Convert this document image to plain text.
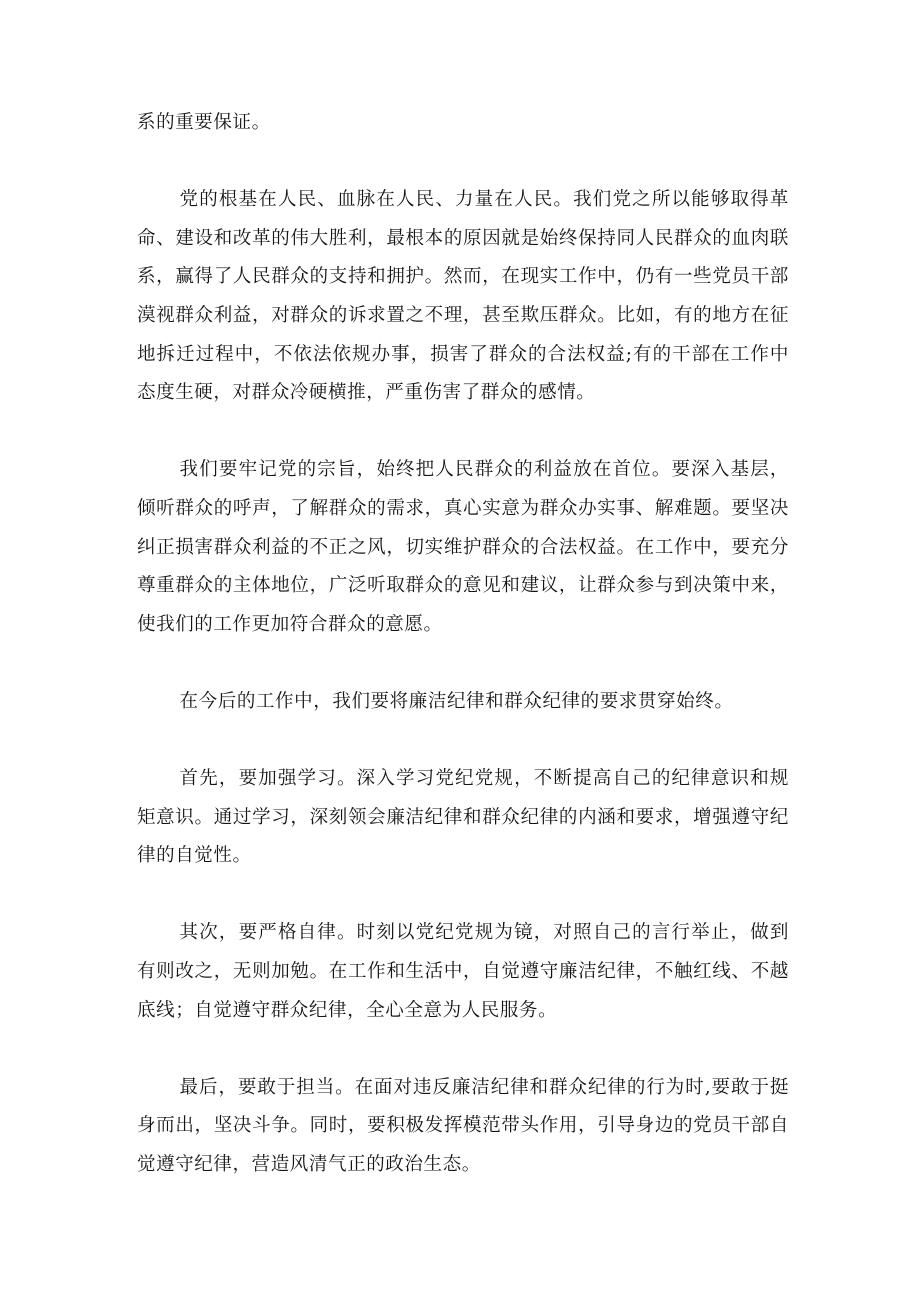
系的重要保证。

党的根基在人民、血脉在人民、力量在人民。我们党之所以能够取得革命、建设和改革的伟大胜利，最根本的原因就是始终保持同人民群众的血肉联系，赢得了人民群众的支持和拥护。然而，在现实工作中，仍有一些党员干部漠视群众利益，对群众的诉求置之不理，甚至欺压群众。比如，有的地方在征地拆迁过程中，不依法依规办事，损害了群众的合法权益;有的干部在工作中态度生硬，对群众冷硬横推，严重伤害了群众的感情。

我们要牢记党的宗旨，始终把人民群众的利益放在首位。要深入基层，倾听群众的呼声，了解群众的需求，真心实意为群众办实事、解难题。要坚决纠正损害群众利益的不正之风，切实维护群众的合法权益。在工作中，要充分尊重群众的主体地位，广泛听取群众的意见和建议，让群众参与到决策中来，使我们的工作更加符合群众的意愿。

在今后的工作中，我们要将廉洁纪律和群众纪律的要求贯穿始终。

首先，要加强学习。深入学习党纪党规，不断提高自己的纪律意识和规矩意识。通过学习，深刻领会廉洁纪律和群众纪律的内涵和要求，增强遵守纪律的自觉性。

其次，要严格自律。时刻以党纪党规为镜，对照自己的言行举止，做到有则改之，无则加勉。在工作和生活中，自觉遵守廉洁纪律，不触红线、不越底线；自觉遵守群众纪律，全心全意为人民服务。

最后，要敢于担当。在面对违反廉洁纪律和群众纪律的行为时,要敢于挺身而出，坚决斗争。同时，要积极发挥模范带头作用，引导身边的党员干部自觉遵守纪律，营造风清气正的政治生态。
